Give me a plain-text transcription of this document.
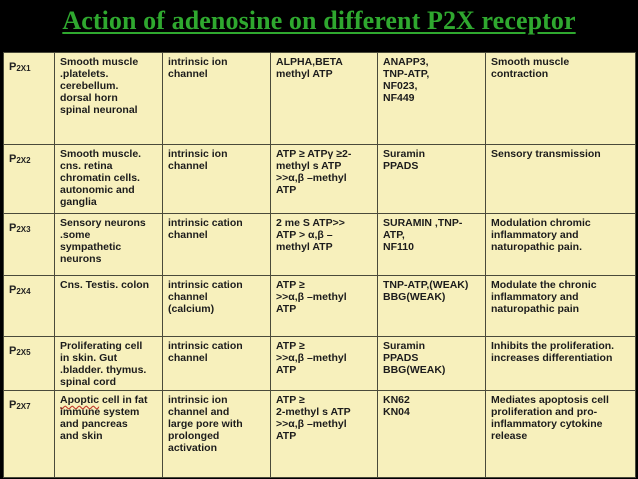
Action of adenosine on different P2X receptor
P2X1	Smooth muscle
.platelets.
cerebellum.
dorsal horn
spinal neuronal	intrinsic ion
channel	ALPHA,BETA
methyl ATP	ANAPP3,
TNP-ATP,
NF023,
NF449	Smooth muscle
contraction

P2X2	Smooth muscle.
cns. retina
chromatin cells.
autonomic and
ganglia	intrinsic ion
channel	ATP ≥ ATPγ ≥2-
methyl s ATP
>>α,β –methyl
ATP	Suramin
PPADS	Sensory transmission

P2X3	Sensory neurons
.some
sympathetic
neurons	intrinsic cation
channel	2 me S ATP>>
ATP > α,β –
methyl ATP	SURAMIN ,TNP-
ATP,
NF110	Modulation chromic
inflammatory and
naturopathic pain.

P2X4	Cns. Testis. colon	intrinsic cation
channel
(calcium)	ATP ≥
>>α,β –methyl
ATP	TNP-ATP,(WEAK)
BBG(WEAK)	Modulate the chronic
inflammatory and
naturopathic pain

P2X5	Proliferating cell
in skin. Gut
.bladder. thymus.
spinal cord	intrinsic cation
channel	ATP ≥
>>α,β –methyl
ATP	Suramin
PPADS
BBG(WEAK)	Inhibits the proliferation.
increases differentiation

P2X7	Apoptic cell in fat
immune system
and pancreas
and skin	intrinsic ion
channel and
large pore with
prolonged
activation	ATP ≥
2-methyl s ATP
>>α,β –methyl
ATP	KN62
KN04	Mediates apoptosis cell
proliferation and pro-
inflammatory cytokine
release
